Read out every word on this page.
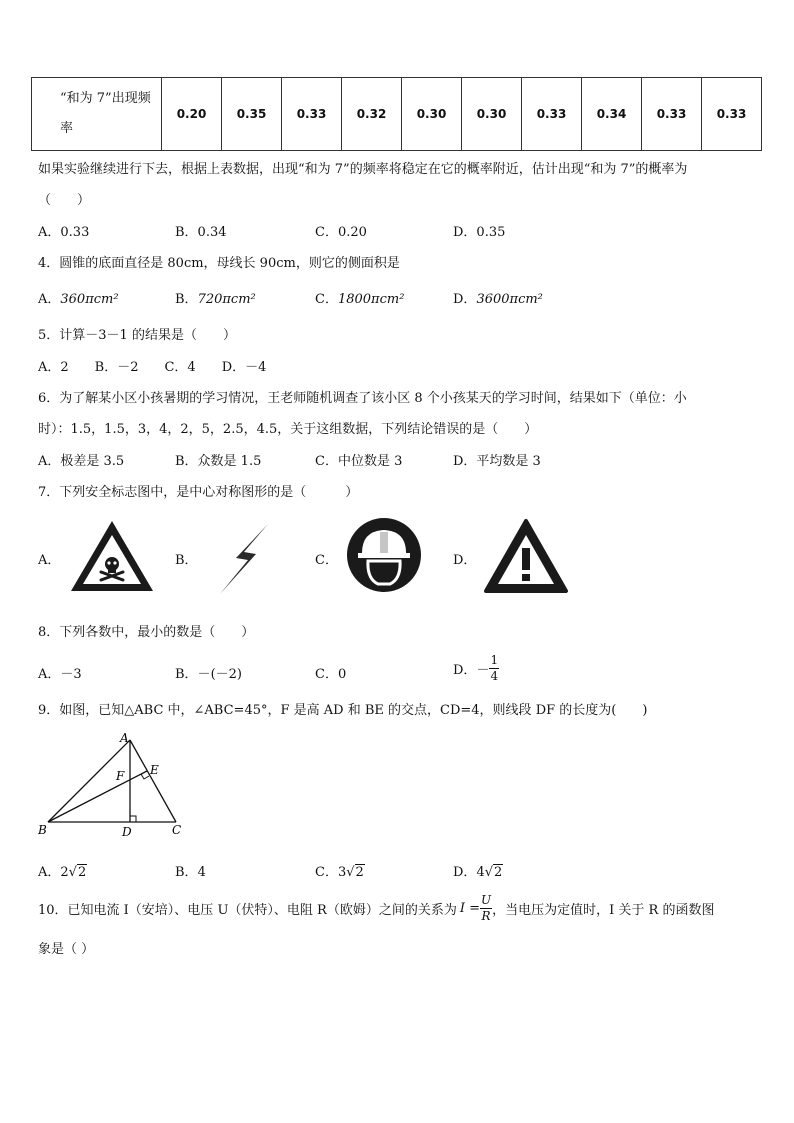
“和为 7”出现频
率	0.20	0.35	0.33	0.32	0.30	0.30	0.33	0.34	0.33	0.33
如果实验继续进行下去，根据上表数据，出现“和为 7”的频率将稳定在它的概率附近，估计出现“和为 7”的概率为
（　　）
A．0.33	B．0.34	C．0.20	D．0.35
4．圆锥的底面直径是 80cm，母线长 90cm，则它的侧面积是
A．360πcm²	B．720πcm²	C．1800πcm²	D．3600πcm²
5．计算－3－1 的结果是（　　）
A．2　　B．－2　　C．4　　D．－4
6．为了解某小区小孩暑期的学习情况，王老师随机调查了该小区 8 个小孩某天的学习时间，结果如下（单位：小
时）：1.5，1.5，3，4，2，5，2.5，4.5，关于这组数据，下列结论错误的是（　　）
A．极差是 3.5	B．众数是 1.5	C．中位数是 3	D．平均数是 3
7．下列安全标志图中，是中心对称图形的是（　　　）
A．	B．	C．	D．
8．下列各数中，最小的数是（　　）
A．－3	B．－(－2)	C．0	D．－ $\frac{1}{4}$
9．如图，已知△ABC 中，∠ABC=45°，F 是高 AD 和 BE 的交点，CD=4，则线段 DF 的长度为(　　)
A
B	C
D
E
F
A．2√2	B．4	C．3√2	D．4√2
10．已知电流 I（安培）、电压 U（伏特）、电阻 R（欧姆）之间的关系为 $I = \frac{U}{R}$ ，当电压为定值时，I 关于 R 的函数图
象是（ ）
